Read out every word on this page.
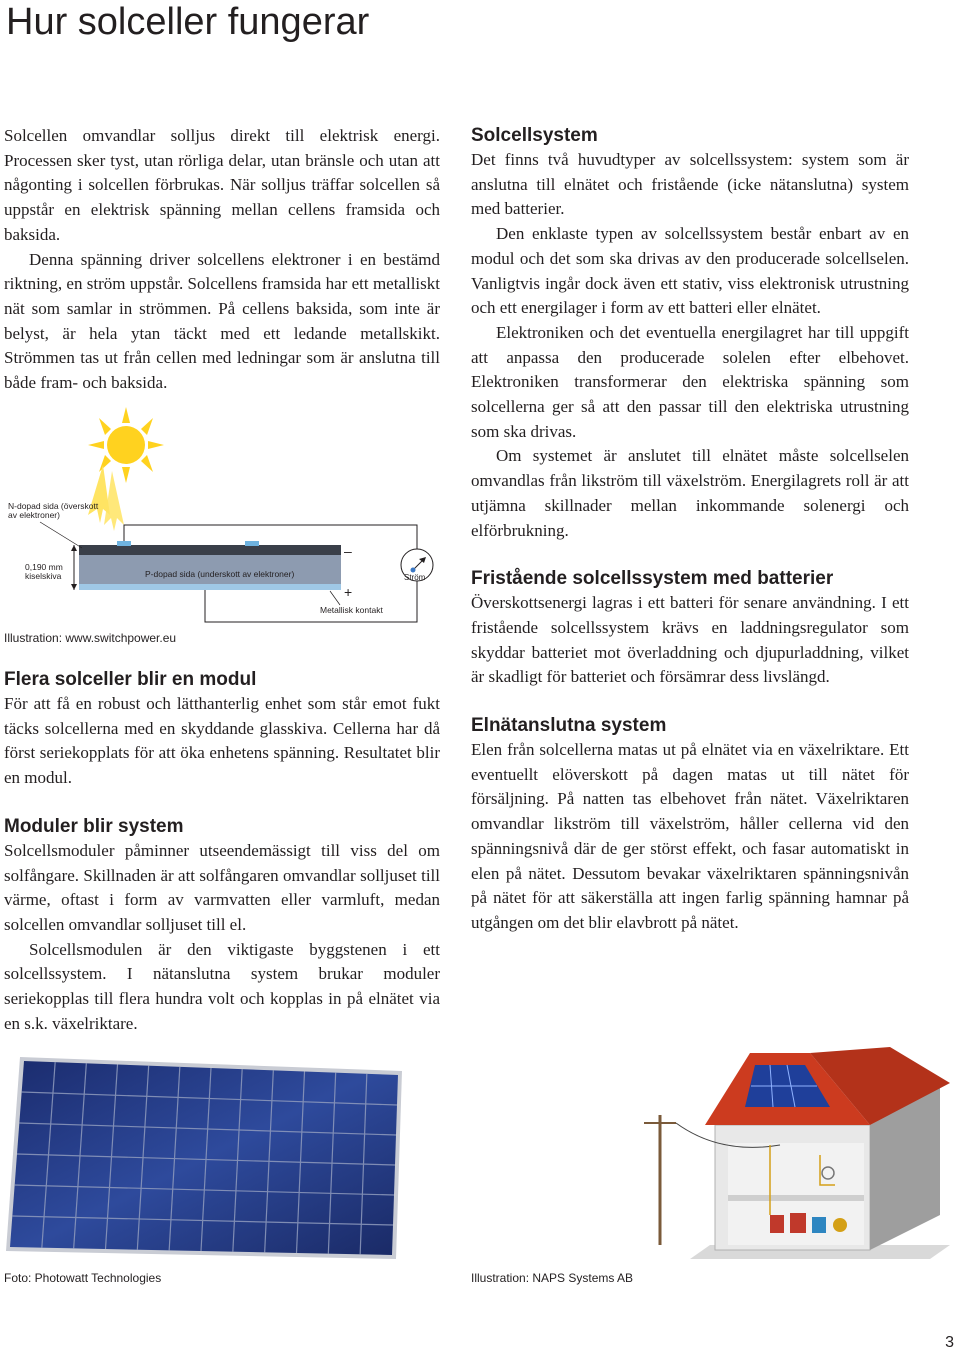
Hur solceller fungerar

Solcellen omvandlar solljus direkt till elektrisk energi. Processen sker tyst, utan rörliga delar, utan bränsle och utan att någonting i solcellen förbrukas. När solljus träffar solcellen så uppstår en elektrisk spänning mellan cellens framsida och baksida.

Denna spänning driver solcellens elektroner i en bestämd riktning, en ström uppstår. Solcellens framsida har ett metalliskt nät som samlar in strömmen. På cellens baksida, som inte är belyst, är hela ytan täckt med ett ledande metallskikt. Strömmen tas ut från cellen med ledningar som är anslutna till både fram- och baksida.

N-dopad sida (överskott
av elektroner)
0,190 mm
kiselskiva	P-dopad sida (underskott av elektroner)
–
+
Metallisk kontakt
Ström
Illustration: www.switchpower.eu
Flera solceller blir en modul

För att få en robust och lätthanterlig enhet som står emot fukt täcks solcellerna med en skyddande glasskiva. Cellerna har då först seriekopplats för att öka enhetens spänning. Resultatet blir en modul.

Moduler blir system

Solcellsmoduler påminner utseendemässigt till viss del om solfångare. Skillnaden är att solfångaren omvandlar solljuset till värme, oftast i form av varmvatten eller varmluft, medan solcellen omvandlar solljuset till el.

Solcellsmodulen är den viktigaste byggstenen i ett solcellssystem. I nätanslutna system brukar moduler seriekopplas till flera hundra volt och kopplas in på elnätet via en s.k. växelriktare.

Solcellsystem

Det finns två huvudtyper av solcellssystem: system som är anslutna till elnätet och fristående (icke nätanslutna) system med batterier.

Den enklaste typen av solcellssystem består enbart av en modul och det som ska drivas av den producerade solcellselen. Vanligtvis ingår dock även ett stativ, viss elektronisk utrustning och ett energilager i form av ett batteri eller elnätet.

Elektroniken och det eventuella energilagret har till uppgift att anpassa den producerade solelen efter elbehovet. Elektroniken transformerar den elektriska spänning som solcellerna ger så att den passar till den elektriska utrustning som ska drivas.

Om systemet är anslutet till elnätet måste solcellselen omvandlas från likström till växelström. Energilagrets roll är att utjämna skillnader mellan inkommande solenergi och elförbrukning.

Fristående solcellssystem med batterier

Överskottsenergi lagras i ett batteri för senare användning. I ett fristående solcellssystem krävs en laddningsregulator som skyddar batteriet mot överladdning och djupurladdning, vilket är skadligt för batteriet och försämrar dess livslängd.

Elnätanslutna system

Elen från solcellerna matas ut på elnätet via en växelriktare. Ett eventuellt elöverskott på dagen matas ut till nätet för försäljning. På natten tas elbehovet från nätet. Växelriktaren omvandlar likström till växelström, håller cellerna vid den spänningsnivå där de ger störst effekt, och fasar automatiskt in elen på nätet. Dessutom bevakar växelriktaren spänningsnivån på nätet för att säkerställa att ingen farlig spänning hamnar på utgången om det blir elavbrott på nätet.

Foto: Photowatt Technologies	Illustration: NAPS Systems AB
3
